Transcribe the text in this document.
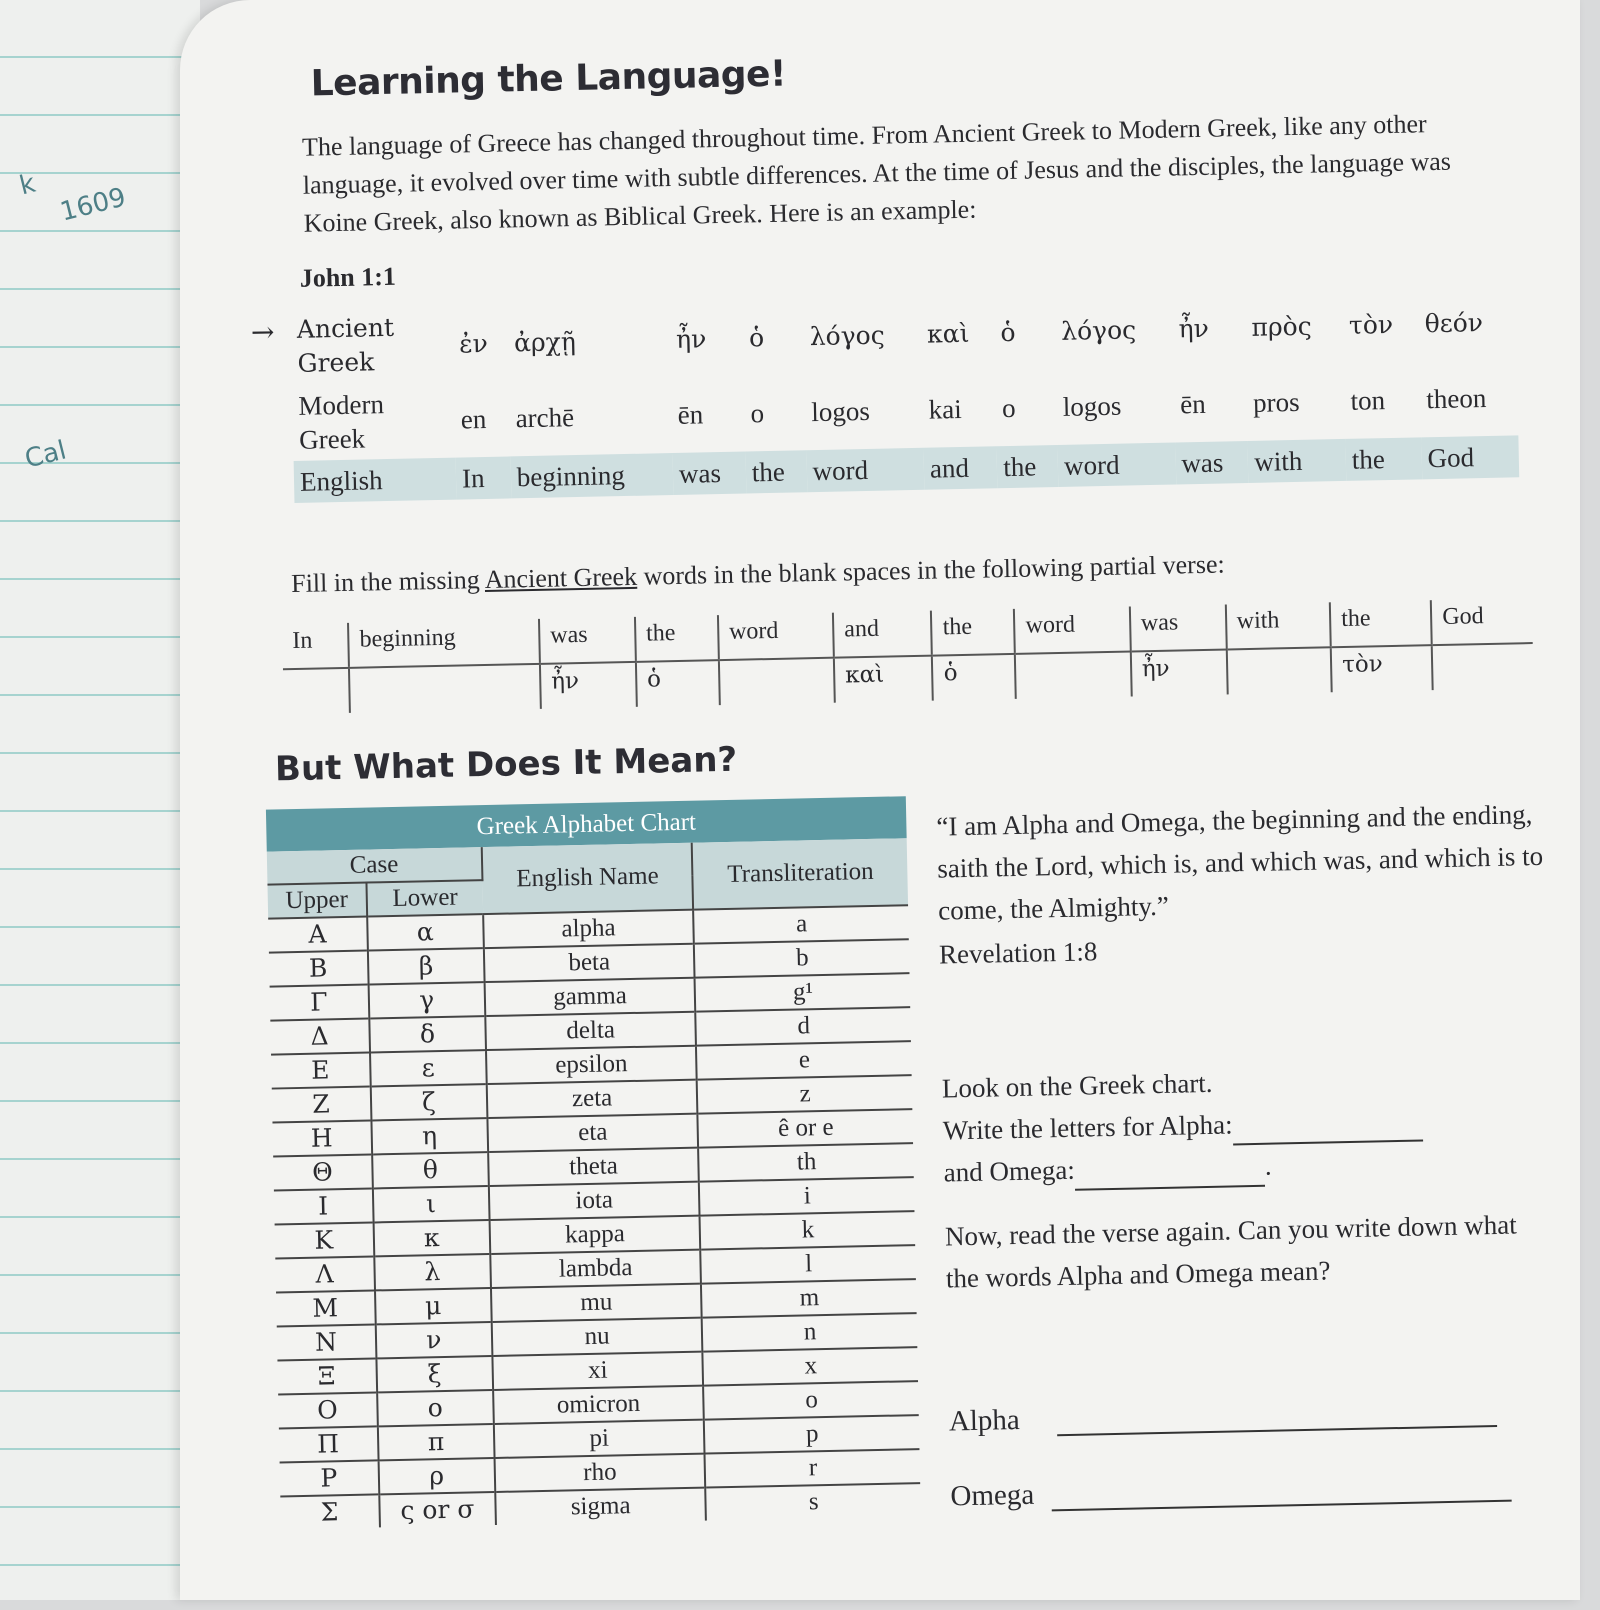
k 1609
Cal
Learning the Language!

The language of Greece has changed throughout time. From Ancient Greek to Modern Greek, like any other language, it evolved over time with subtle differences. At the time of Jesus and the disciples, the language was Koine Greek, also known as Biblical Greek. Here is an example:

John 1:1

→ Ancient
Greek	ἐν	ἀρχῇ	ἦν	ὁ	λόγος	καὶ	ὁ	λόγος	ἦν	πρὸς	τὸν	θεόν
Modern
Greek	en	archē	ēn	o	logos	kai	o	logos	ēn	pros	ton	theon
English	In	beginning	was	the	word	and	the	word	was	with	the	God

Fill in the missing Ancient Greek words in the blank spaces in the following partial verse:

In	beginning	was	the	word	and	the	word	was	with	the	God
		ἦν	ὁ		καὶ	ὁ		ἦν		τὸν	
But What Does It Mean?
Greek Alphabet Chart
Case		English Name	Transliteration
Upper	Lower		
Α	α	alpha	a
Β	β	beta	b
Γ	γ	gamma	g¹
Δ	δ	delta	d
Ε	ε	epsilon	e
Ζ	ζ	zeta	z
Η	η	eta	ê or e
Θ	θ	theta	th
Ι	ι	iota	i
Κ	κ	kappa	k
Λ	λ	lambda	l
Μ	μ	mu	m
Ν	ν	nu	n
Ξ	ξ	xi	x
Ο	ο	omicron	o
Π	π	pi	p
Ρ	ρ	rho	r
Σ	ς or σ	sigma	s

“I am Alpha and Omega, the beginning and the ending, saith the Lord, which is, and which was, and which is to come, the Almighty.”

Revelation 1:8

Look on the Greek chart.

Write the letters for Alpha:

and Omega:	.

Now, read the verse again. Can you write down what the words Alpha and Omega mean?

Alpha
Omega
